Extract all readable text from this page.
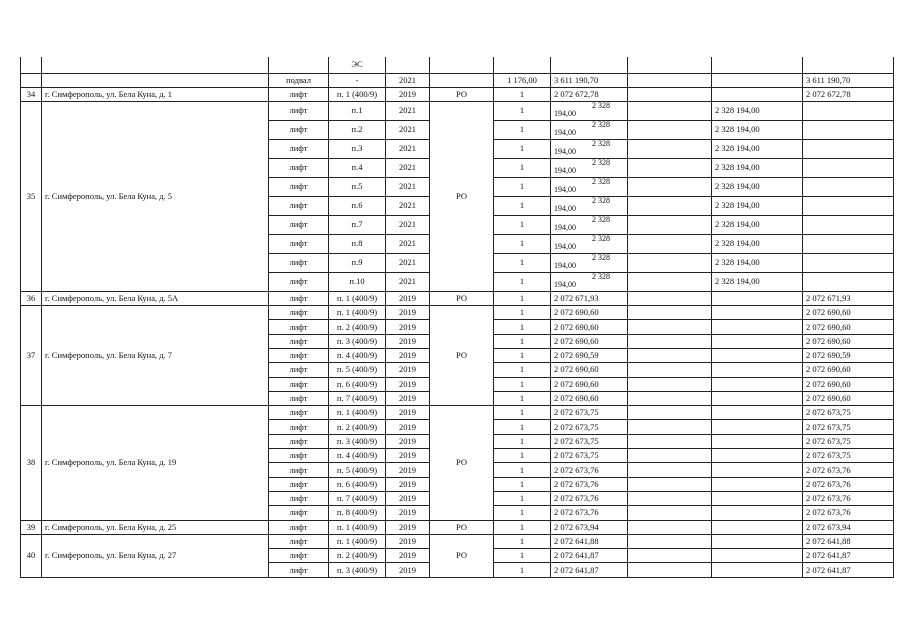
			ЭС							
		подвал	-	2021		1 176,00	3 611 190,70			3 611 190,70
34	г. Симферополь, ул. Бела Куна, д. 1	лифт	п. 1 (400/9)	2019	РО	1	2 072 672,78			2 072 672,78
35	г. Симферополь, ул. Бела Куна, д. 5	лифт	п.1	2021	РО	1	2 328
194,00		2 328 194,00	
		лифт	п.2	2021		1	2 328
194,00		2 328 194,00	
		лифт	п.3	2021		1	2 328
194,00		2 328 194,00	
		лифт	п.4	2021		1	2 328
194,00		2 328 194,00	
		лифт	п.5	2021		1	2 328
194,00		2 328 194,00	
		лифт	п.6	2021		1	2 328
194,00		2 328 194,00	
		лифт	п.7	2021		1	2 328
194,00		2 328 194,00	
		лифт	п.8	2021		1	2 328
194,00		2 328 194,00	
		лифт	п.9	2021		1	2 328
194,00		2 328 194,00	
		лифт	п.10	2021		1	2 328
194,00		2 328 194,00	
36	г. Симферополь, ул. Бела Куна, д. 5А	лифт	п. 1 (400/9)	2019	РО	1	2 072 671,93			2 072 671,93
37	г. Симферополь, ул. Бела Куна, д. 7	лифт	п. 1 (400/9)	2019	РО	1	2 072 690,60			2 072 690,60
		лифт	п. 2 (400/9)	2019		1	2 072 690,60			2 072 690,60
		лифт	п. 3 (400/9)	2019		1	2 072 690,60			2 072 690,60
		лифт	п. 4 (400/9)	2019		1	2 072 690,59			2 072 690,59
		лифт	п. 5 (400/9)	2019		1	2 072 690,60			2 072 690,60
		лифт	п. 6 (400/9)	2019		1	2 072 690,60			2 072 690,60
		лифт	п. 7 (400/9)	2019		1	2 072 690,60			2 072 690,60
38	г. Симферополь, ул. Бела Куна, д. 19	лифт	п. 1 (400/9)	2019	РО	1	2 072 673,75			2 072 673,75
		лифт	п. 2 (400/9)	2019		1	2 072 673,75			2 072 673,75
		лифт	п. 3 (400/9)	2019		1	2 072 673,75			2 072 673,75
		лифт	п. 4 (400/9)	2019		1	2 072 673,75			2 072 673,75
		лифт	п. 5 (400/9)	2019		1	2 072 673,76			2 072 673,76
		лифт	п. 6 (400/9)	2019		1	2 072 673,76			2 072 673,76
		лифт	п. 7 (400/9)	2019		1	2 072 673,76			2 072 673,76
		лифт	п. 8 (400/9)	2019		1	2 072 673,76			2 072 673,76
39	г. Симферополь, ул. Бела Куна, д. 25	лифт	п. 1 (400/9)	2019	РО	1	2 072 673,94			2 072 673,94
40	г. Симферополь, ул. Бела Куна, д. 27	лифт	п. 1 (400/9)	2019	РО	1	2 072 641,88			2 072 641,88
		лифт	п. 2 (400/9)	2019		1	2 072 641,87			2 072 641,87
		лифт	п. 3 (400/9)	2019		1	2 072 641,87			2 072 641,87
